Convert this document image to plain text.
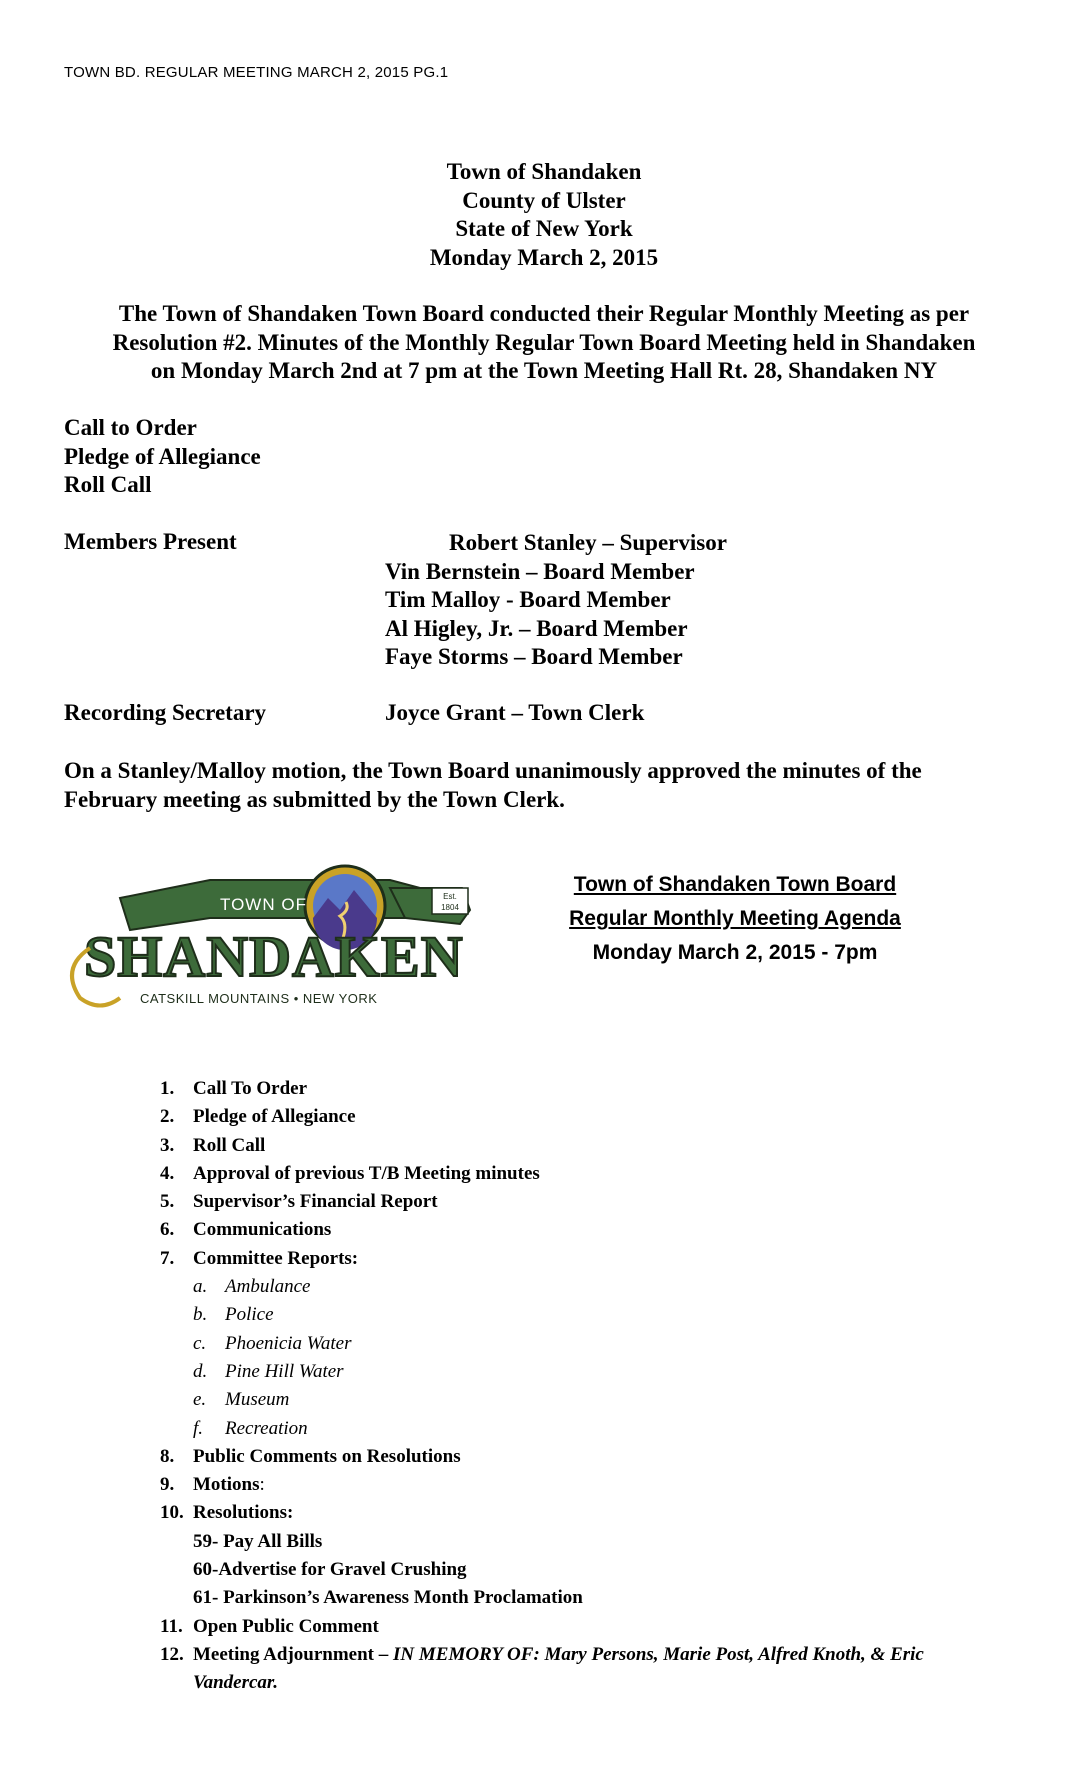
TOWN BD. REGULAR MEETING MARCH 2, 2015 PG.1
Town of Shandaken
County of Ulster
State of New York
Monday March 2, 2015
The Town of Shandaken Town Board conducted their Regular Monthly Meeting as per
Resolution #2. Minutes of the Monthly Regular Town Board Meeting held in Shandaken
on Monday March 2nd at 7 pm at the Town Meeting Hall Rt. 28, Shandaken NY
Call to Order
Pledge of Allegiance
Roll Call
Members Present	Robert Stanley – Supervisor
Vin Bernstein – Board Member
Tim Malloy - Board Member
Al Higley, Jr. – Board Member
Faye Storms – Board Member
Recording Secretary	Joyce Grant – Town Clerk
On a Stanley/Malloy motion, the Town Board unanimously approved the minutes of the
February meeting as submitted by the Town Clerk.
Est.
1804
TOWN OF
SHANDAKEN
CATSKILL MOUNTAINS • NEW YORK
Town of Shandaken Town Board
Regular Monthly Meeting Agenda
Monday March 2, 2015 - 7pm
1. Call To Order
2. Pledge of Allegiance
3. Roll Call
4. Approval of previous T/B Meeting minutes
5. Supervisor’s Financial Report
6. Communications
7. Committee Reports:
a. Ambulance
b. Police
c. Phoenicia Water
d. Pine Hill Water
e. Museum
f.	Recreation
8. Public Comments on Resolutions
9. Motions :
10. Resolutions:
59- Pay All Bills
60-Advertise for Gravel Crushing
61- Parkinson’s Awareness Month Proclamation
11. Open Public Comment
12. Meeting Adjournment – IN MEMORY OF: Mary Persons, Marie Post, Alfred Knoth, & Eric
Vandercar.
